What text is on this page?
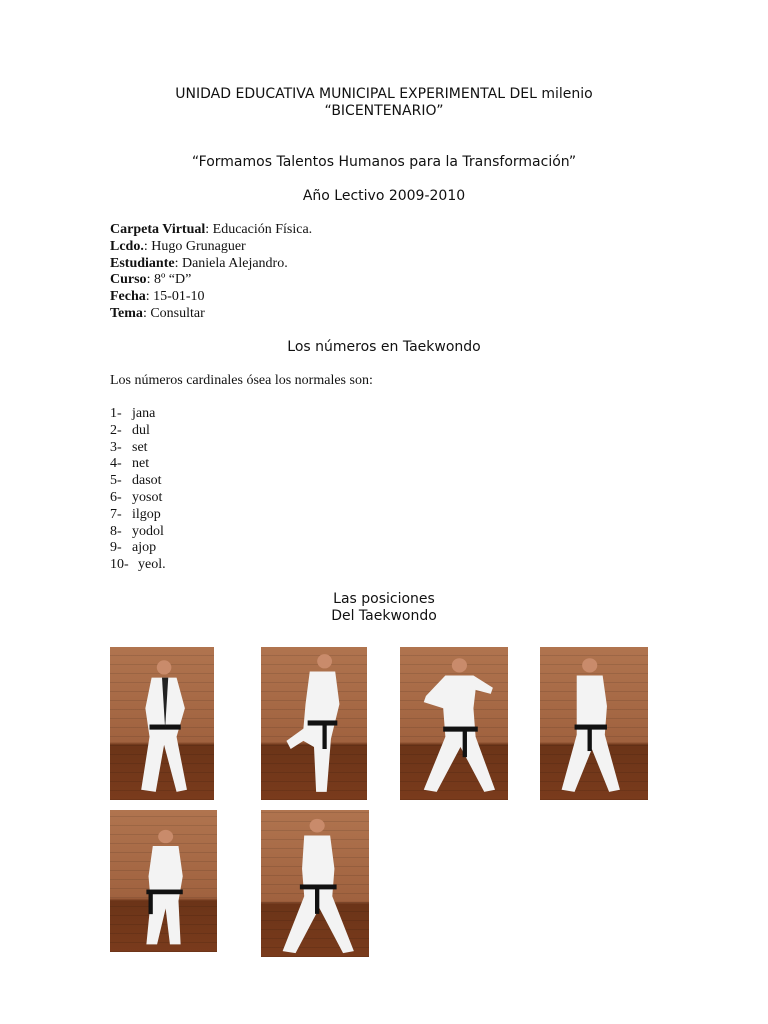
UNIDAD EDUCATIVA MUNICIPAL EXPERIMENTAL DEL milenio
“BICENTENARIO”
“Formamos Talentos Humanos para la Transformación”
Año Lectivo 2009-2010
Carpeta Virtual: Educación Física.
Lcdo.: Hugo Grunaguer
Estudiante: Daniela Alejandro.
Curso: 8º “D”
Fecha: 15-01-10
Tema: Consultar
Los números en Taekwondo
Los números cardinales ósea los normales son:
1- jana
2- dul
3- set
4- net
5- dasot
6- yosot
7- ilgop
8- yodol
9- ajop
10- yeol.
Las posiciones
Del Taekwondo
